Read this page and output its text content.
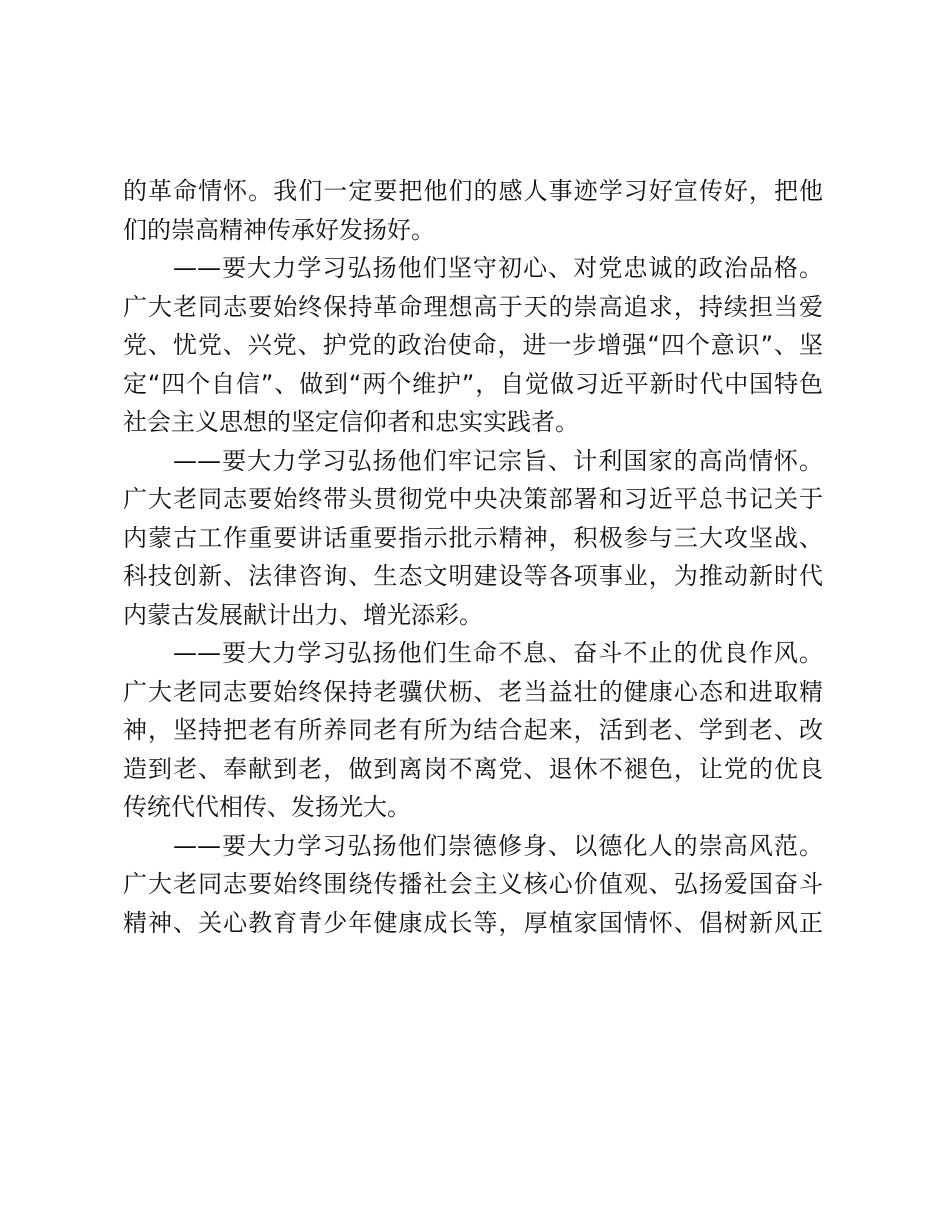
的革命情怀。我们一定要把他们的感人事迹学习好宣传好，把他
们的崇高精神传承好发扬好。
——要大力学习弘扬他们坚守初心、对党忠诚的政治品格。
广大老同志要始终保持革命理想高于天的崇高追求，持续担当爱
党、忧党、兴党、护党的政治使命，进一步增强“四个意识”、坚
定“四个自信”、做到“两个维护”，自觉做习近平新时代中国特色
社会主义思想的坚定信仰者和忠实实践者。
——要大力学习弘扬他们牢记宗旨、计利国家的高尚情怀。
广大老同志要始终带头贯彻党中央决策部署和习近平总书记关于
内蒙古工作重要讲话重要指示批示精神，积极参与三大攻坚战、
科技创新、法律咨询、生态文明建设等各项事业，为推动新时代
内蒙古发展献计出力、增光添彩。
——要大力学习弘扬他们生命不息、奋斗不止的优良作风。
广大老同志要始终保持老骥伏枥、老当益壮的健康心态和进取精
神，坚持把老有所养同老有所为结合起来，活到老、学到老、改
造到老、奉献到老，做到离岗不离党、退休不褪色，让党的优良
传统代代相传、发扬光大。
——要大力学习弘扬他们崇德修身、以德化人的崇高风范。
广大老同志要始终围绕传播社会主义核心价值观、弘扬爱国奋斗
精神、关心教育青少年健康成长等，厚植家国情怀、倡树新风正
